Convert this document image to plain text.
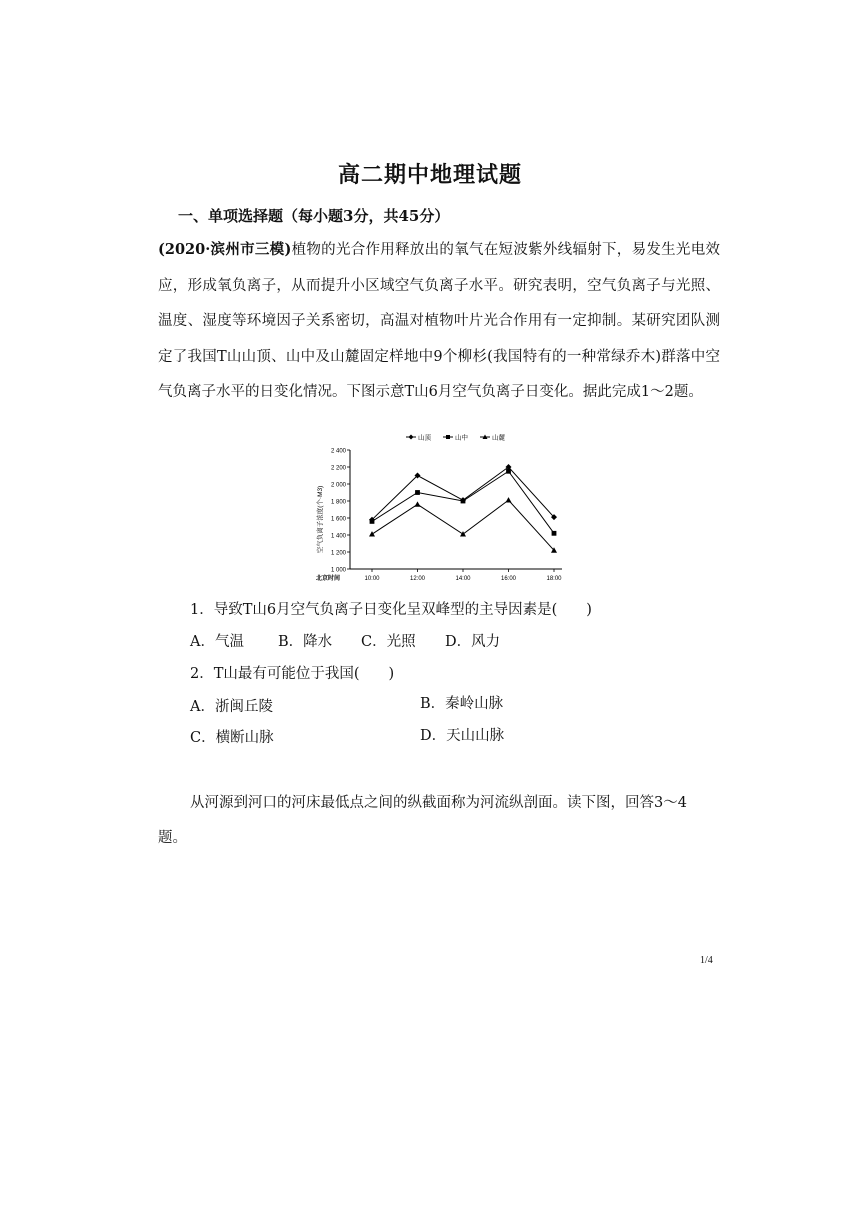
高二期中地理试题
一、单项选择题（每小题3分，共45分）
(2020·滨州市三模)植物的光合作用释放出的氧气在短波紫外线辐射下，易发生光电效应，形成氧负离子，从而提升小区域空气负离子水平。研究表明，空气负离子与光照、温度、湿度等环境因子关系密切，高温对植物叶片光合作用有一定抑制。某研究团队测定了我国T山山顶、山中及山麓固定样地中9个柳杉(我国特有的一种常绿乔木)群落中空气负离子水平的日变化情况。下图示意T山6月空气负离子日变化。据此完成1～2题。
1 000
1 200
1 400
1 600
1 800
2 000
2 200
2 400
10:00	12:00	14:00	16:00	18:00
北京时间
空气负离子浓度(个·M3)
山顶	山中	山麓
1．导致T山6月空气负离子日变化呈双峰型的主导因素是(　　)
A．气温 B．降水 C．光照 D．风力
2．T山最有可能位于我国(　　)
A．浙闽丘陵	B．秦岭山脉
C．横断山脉	D．天山山脉
从河源到河口的河床最低点之间的纵截面称为河流纵剖面。读下图，回答3～4
题。
1/4
